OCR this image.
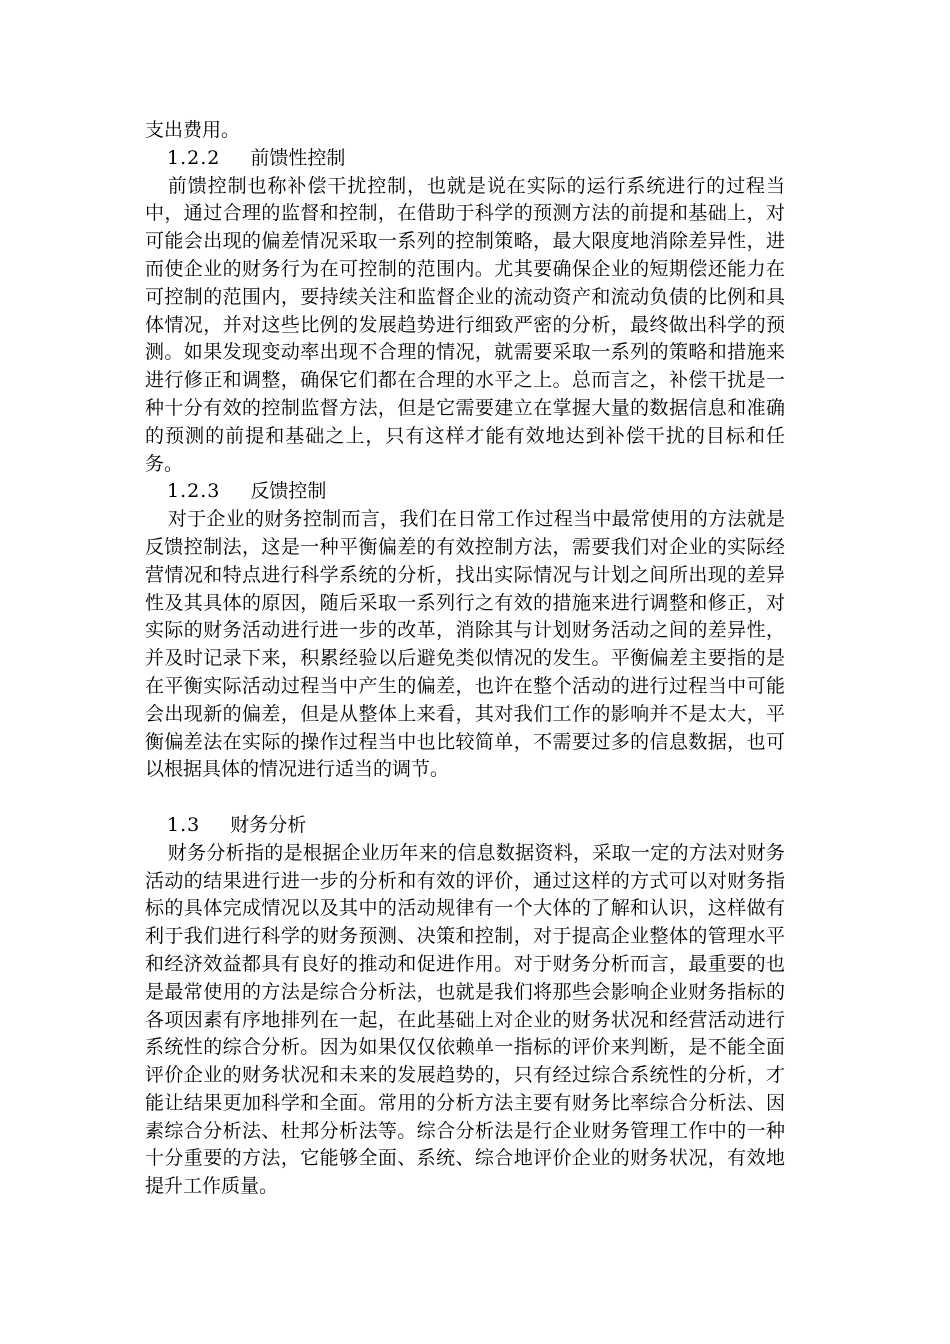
支出费用。

1.2.2 前馈性控制

前馈控制也称补偿干扰控制，也就是说在实际的运行系统进行的过程当中，通过合理的监督和控制，在借助于科学的预测方法的前提和基础上，对可能会出现的偏差情况采取一系列的控制策略，最大限度地消除差异性，进而使企业的财务行为在可控制的范围内。尤其要确保企业的短期偿还能力在可控制的范围内，要持续关注和监督企业的流动资产和流动负债的比例和具体情况，并对这些比例的发展趋势进行细致严密的分析，最终做出科学的预测。如果发现变动率出现不合理的情况，就需要采取一系列的策略和措施来进行修正和调整，确保它们都在合理的水平之上。总而言之，补偿干扰是一种十分有效的控制监督方法，但是它需要建立在掌握大量的数据信息和准确的预测的前提和基础之上，只有这样才能有效地达到补偿干扰的目标和任务。

1.2.3 反馈控制

对于企业的财务控制而言，我们在日常工作过程当中最常使用的方法就是反馈控制法，这是一种平衡偏差的有效控制方法，需要我们对企业的实际经营情况和特点进行科学系统的分析，找出实际情况与计划之间所出现的差异性及其具体的原因，随后采取一系列行之有效的措施来进行调整和修正，对实际的财务活动进行进一步的改革，消除其与计划财务活动之间的差异性，并及时记录下来，积累经验以后避免类似情况的发生。平衡偏差主要指的是在平衡实际活动过程当中产生的偏差，也许在整个活动的进行过程当中可能会出现新的偏差，但是从整体上来看，其对我们工作的影响并不是太大，平衡偏差法在实际的操作过程当中也比较简单，不需要过多的信息数据，也可以根据具体的情况进行适当的调节。

1.3 财务分析

财务分析指的是根据企业历年来的信息数据资料，采取一定的方法对财务活动的结果进行进一步的分析和有效的评价，通过这样的方式可以对财务指标的具体完成情况以及其中的活动规律有一个大体的了解和认识，这样做有利于我们进行科学的财务预测、决策和控制，对于提高企业整体的管理水平和经济效益都具有良好的推动和促进作用。对于财务分析而言，最重要的也是最常使用的方法是综合分析法，也就是我们将那些会影响企业财务指标的各项因素有序地排列在一起，在此基础上对企业的财务状况和经营活动进行系统性的综合分析。因为如果仅仅依赖单一指标的评价来判断，是不能全面评价企业的财务状况和未来的发展趋势的，只有经过综合系统性的分析，才能让结果更加科学和全面。常用的分析方法主要有财务比率综合分析法、因素综合分析法、杜邦分析法等。综合分析法是行企业财务管理工作中的一种十分重要的方法，它能够全面、系统、综合地评价企业的财务状况，有效地提升工作质量。
